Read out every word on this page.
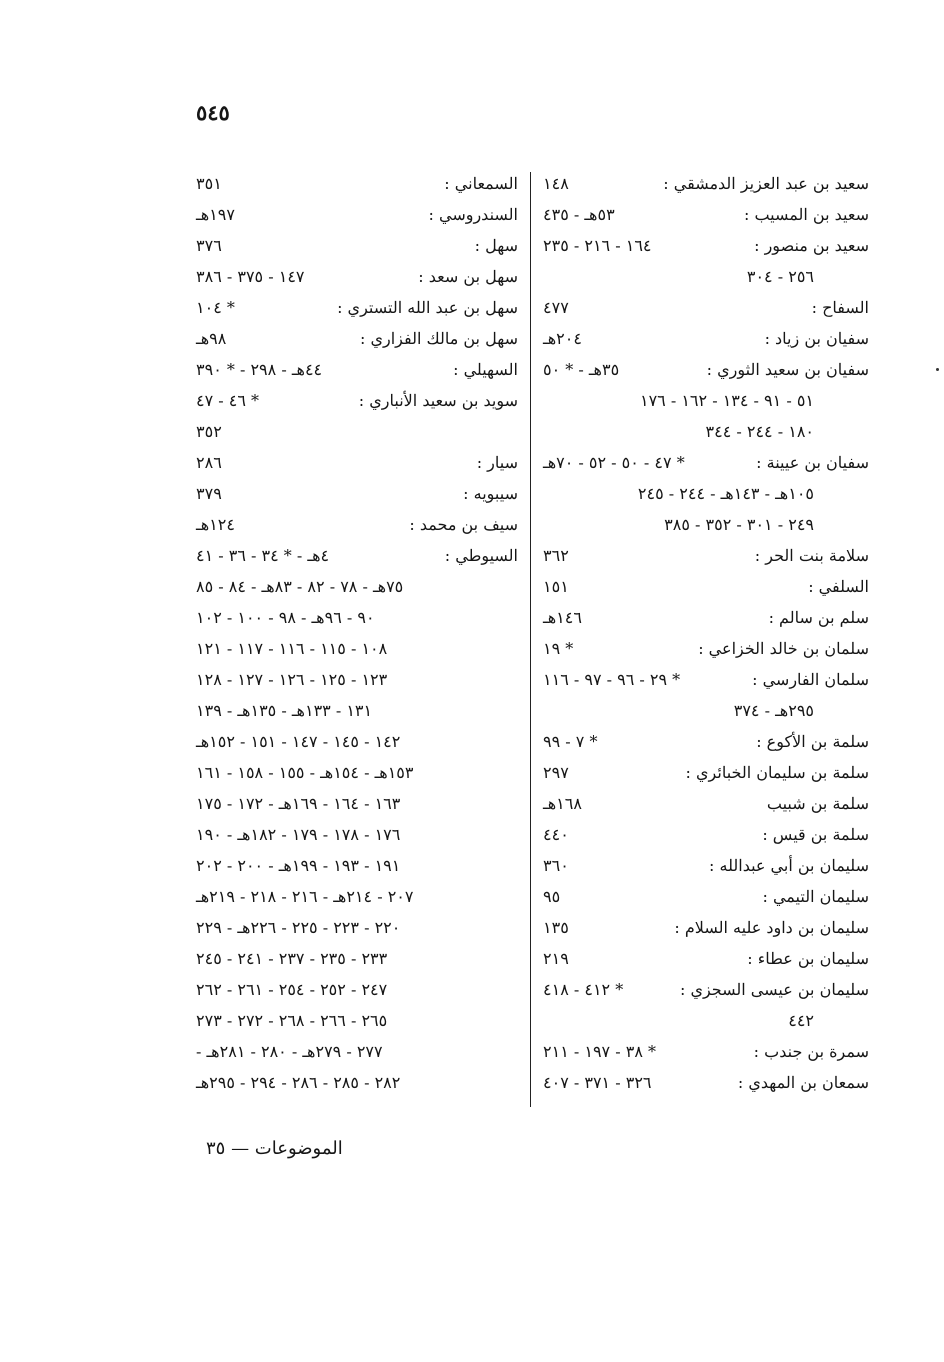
٥٤٥
سعيد بن عبد العزيز الدمشقي :
١٤٨
سعيد بن المسيب :
٥٣هـ - ٤٣٥
سعيد بن منصور :
١٦٤ - ٢١٦ - ٢٣٥
٢٥٦ - ٣٠٤
السفاح :
٤٧٧
سفيان بن زياد :
٢٠٤هـ
سفيان بن سعيد الثوري :
٣٥هـ - * ٥٠
٥١ - ٩١ - ١٣٤ - ١٦٢ - ١٧٦
١٨٠ - ٢٤٤ - ٣٤٤
سفيان بن عيينة :
* ٤٧ - ٥٠ - ٥٢ - ٧٠هـ
١٠٥هـ - ١٤٣هـ - ٢٤٤ - ٢٤٥
٢٤٩ - ٣٠١ - ٣٥٢ - ٣٨٥
سلامة بنت الحر :
٣٦٢
السلفي :
١٥١
سلم بن سالم :
١٤٦هـ
سلمان بن خالد الخزاعي :
* ١٩
سلمان الفارسي :
* ٢٩ - ٩٦ - ٩٧ - ١١٦
٢٩٥هـ - ٣٧٤
سلمة بن الأكوع :
* ٧ - ٩٩
سلمة بن سليمان الخبائري :
٢٩٧
سلمة بن شبيب
١٦٨هـ
سلمة بن قيس :
٤٤٠
سليمان بن أبي عبدالله :
٣٦٠
سليمان التيمي :
٩٥
سليمان بن داود عليه السلام :
١٣٥
سليمان بن عطاء :
٢١٩
سليمان بن عيسى السجزي :
* ٤١٢ - ٤١٨
٤٤٢
سمرة بن جندب :
* ٣٨ - ١٩٧ - ٢١١
سمعان بن المهدي :
٣٢٦ - ٣٧١ - ٤٠٧
السمعاني :
٣٥١
السندروسي :
١٩٧هـ
سهل :
٣٧٦
سهل بن سعد :
١٤٧ - ٣٧٥ - ٣٨٦
سهل بن عبد الله التستري :
* ١٠٤
سهل بن مالك الفزاري :
٩٨هـ
السهيلي :
٤٤هـ - ٢٩٨ - * ٣٩٠
سويد بن سعيد الأنباري :
* ٤٦ - ٤٧
٣٥٢
سيار :
٢٨٦
سيبويه :
٣٧٩
سيف بن محمد :
١٢٤هـ
السيوطي :
٤هـ - * ٣٤ - ٣٦ - ٤١
٧٥هـ - ٧٨ - ٨٢ - ٨٣هـ - ٨٤ - ٨٥
٩٠ - ٩٦هـ - ٩٨ - ١٠٠ - ١٠٢
١٠٨ - ١١٥ - ١١٦ - ١١٧ - ١٢١
١٢٣ - ١٢٥ - ١٢٦ - ١٢٧ - ١٢٨
١٣١ - ١٣٣هـ - ١٣٥هـ - ١٣٩
١٤٢ - ١٤٥ - ١٤٧ - ١٥١ - ١٥٢هـ
١٥٣هـ - ١٥٤هـ - ١٥٥ - ١٥٨ - ١٦١
١٦٣ - ١٦٤ - ١٦٩هـ - ١٧٢ - ١٧٥
١٧٦ - ١٧٨ - ١٧٩ - ١٨٢هـ - ١٩٠
١٩١ - ١٩٣ - ١٩٩هـ - ٢٠٠ - ٢٠٢
٢٠٧ - ٢١٤هـ - ٢١٦ - ٢١٨ - ٢١٩هـ
٢٢٠ - ٢٢٣ - ٢٢٥ - ٢٢٦هـ - ٢٢٩
٢٣٣ - ٢٣٥ - ٢٣٧ - ٢٤١ - ٢٤٥
٢٤٧ - ٢٥٢ - ٢٥٤ - ٢٦١ - ٢٦٢
٢٦٥ - ٢٦٦ - ٢٦٨ - ٢٧٢ - ٢٧٣
٢٧٧ - ٢٧٩هـ - ٢٨٠ - ٢٨١هـ -
٢٨٢ - ٢٨٥ - ٢٨٦ - ٢٩٤ - ٢٩٥هـ
الموضوعات — ٣٥
